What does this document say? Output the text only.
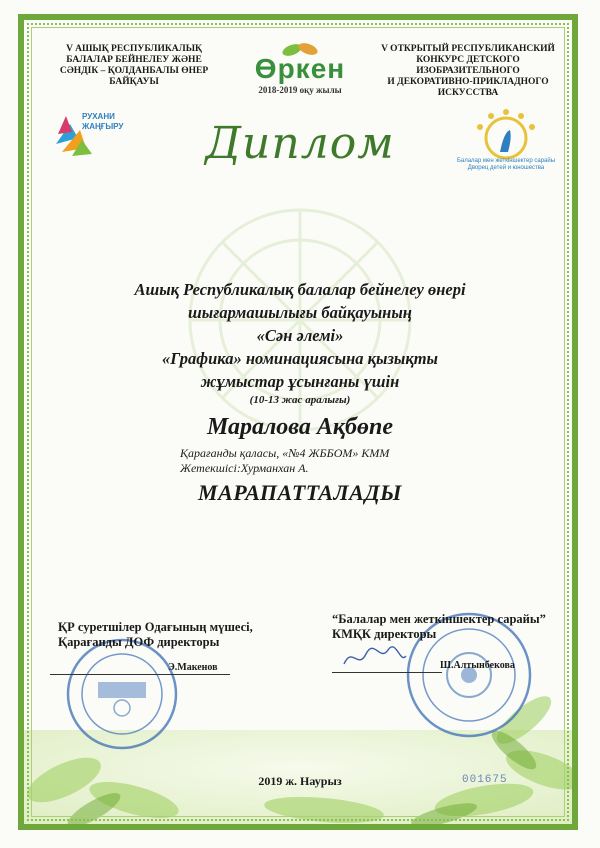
V АШЫҚ РЕСПУБЛИКАЛЫҚ
БАЛАЛАР БЕЙНЕЛЕУ ЖӘНЕ
СӘНДІК – ҚОЛДАНБАЛЫ ӨНЕР
БАЙҚАУЫ	Өркен
2018-2019 оқу жылы
V ОТКРЫТЫЙ РЕСПУБЛИКАНСКИЙ
КОНКУРС ДЕТСКОГО
ИЗОБРАЗИТЕЛЬНОГО
И ДЕКОРАТИВНО-ПРИКЛАДНОГО
ИСКУССТВА
РУХАНИ
ЖАҢҒЫРУ
Балалар мен жеткіншектер сарайы
Дворец детей и юношества
Диплом
Ашық Республикалық балалар бейнелеу өнері
шығармашылығы байқауының
«Сән әлемі»
«Графика» номинациясына қызықты
жұмыстар ұсынғаны үшін
(10-13 жас аралығы)
Маралова Ақбөпе
Қарағанды қаласы, «№4 ЖББОМ» КММ
Жетекшісі:Хурманхан А.
МАРАПАТТАЛАДЫ
ҚР суретшілер Одағының мүшесі,
Қарағанды ДОФ директоры
Э.Макенов
“Балалар мен жеткіншектер сарайы”
КМҚК директоры
Ш.Алтынбекова
2019 ж. Наурыз	001675
